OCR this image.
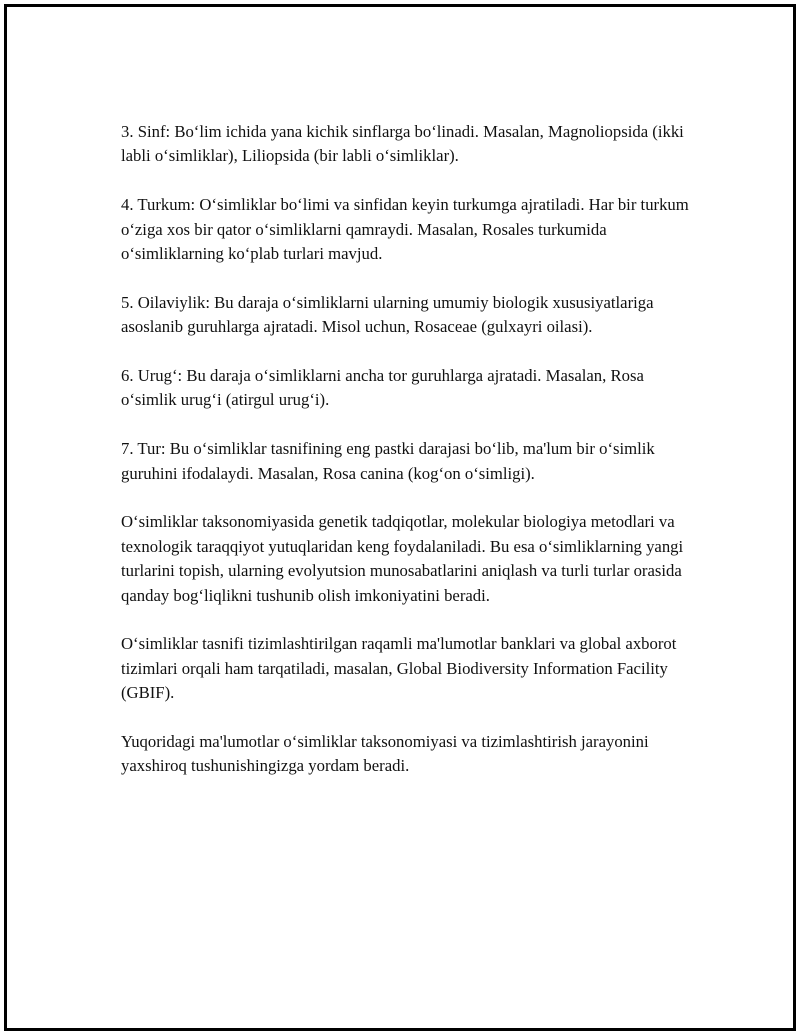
3. Sinf: Bo‘lim ichida yana kichik sinflarga bo‘linadi. Masalan, Magnoliopsida (ikki labli o‘simliklar), Liliopsida (bir labli o‘simliklar).

4. Turkum: O‘simliklar bo‘limi va sinfidan keyin turkumga ajratiladi. Har bir turkum o‘ziga xos bir qator o‘simliklarni qamraydi. Masalan, Rosales turkumida o‘simliklarning ko‘plab turlari mavjud.

5. Oilaviylik: Bu daraja o‘simliklarni ularning umumiy biologik xususiyatlariga asoslanib guruhlarga ajratadi. Misol uchun, Rosaceae (gulxayri oilasi).

6. Urug‘: Bu daraja o‘simliklarni ancha tor guruhlarga ajratadi. Masalan, Rosa o‘simlik urug‘i (atirgul urug‘i).

7. Tur: Bu o‘simliklar tasnifining eng pastki darajasi bo‘lib, ma'lum bir o‘simlik guruhini ifodalaydi. Masalan, Rosa canina (kog‘on o‘simligi).

O‘simliklar taksonomiyasida genetik tadqiqotlar, molekular biologiya metodlari va texnologik taraqqiyot yutuqlaridan keng foydalaniladi. Bu esa o‘simliklarning yangi turlarini topish, ularning evolyutsion munosabatlarini aniqlash va turli turlar orasida qanday bog‘liqlikni tushunib olish imkoniyatini beradi.

O‘simliklar tasnifi tizimlashtirilgan raqamli ma'lumotlar banklari va global axborot tizimlari orqali ham tarqatiladi, masalan, Global Biodiversity Information Facility (GBIF).

Yuqoridagi ma'lumotlar o‘simliklar taksonomiyasi va tizimlashtirish jarayonini yaxshiroq tushunishingizga yordam beradi.
